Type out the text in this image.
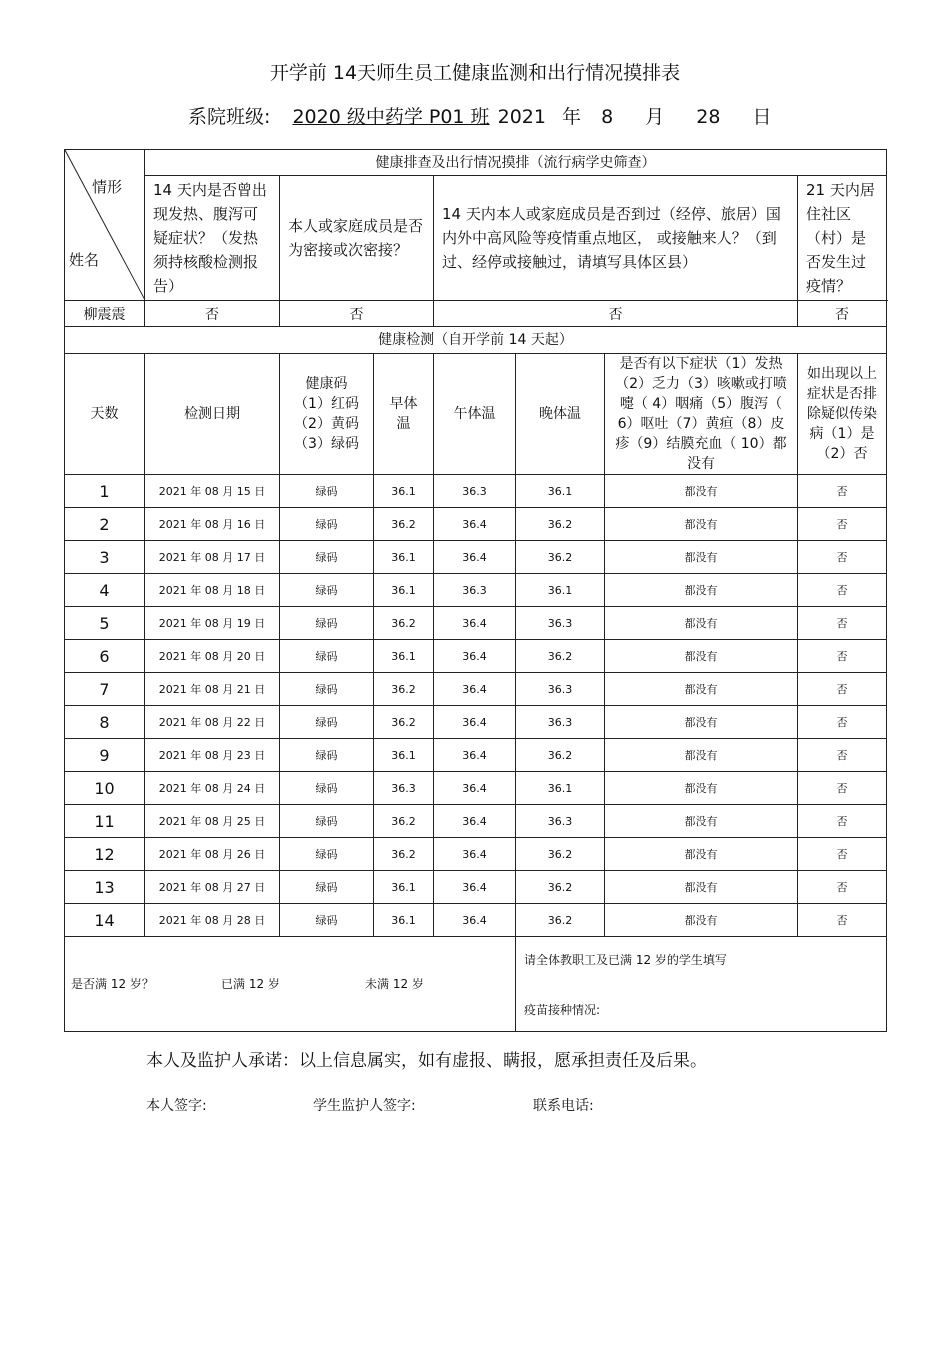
开学前 14天师生员工健康监测和出行情况摸排表
系院班级: 2020 级中药学 P01 班 2021 年 8 月 28 日
情形
姓名	健康排查及出行情况摸排（流行病学史筛查）						
	14 天内是否曾出现发热、腹泻可疑症状？（发热须持核酸检测报告）	本人或家庭成员是否为密接或次密接？		14 天内本人或家庭成员是否到过（经停、旅居）国内外中高风险等疫情重点地区， 或接触来人？（到过、经停或接触过，请填写具体区县）			21 天内居住社区（村）是否发生过疫情？
柳震震	否	否		否			否
健康检测（自开学前 14 天起）							
天数	检测日期	健康码（1）红码（2）黄码（3）绿码	早体温	午体温	晚体温	是否有以下症状（1）发热（2）乏力（3）咳嗽或打喷嚏（ 4）咽痛（5）腹泻（ 6）呕吐（7）黄疸（8）皮疹（9）结膜充血（ 10）都没有	如出现以上症状是否排除疑似传染病（1）是（2）否
1	2021 年 08 月 15 日	绿码	36.1	36.3	36.1	都没有	否
2	2021 年 08 月 16 日	绿码	36.2	36.4	36.2	都没有	否
3	2021 年 08 月 17 日	绿码	36.1	36.4	36.2	都没有	否
4	2021 年 08 月 18 日	绿码	36.1	36.3	36.1	都没有	否
5	2021 年 08 月 19 日	绿码	36.2	36.4	36.3	都没有	否
6	2021 年 08 月 20 日	绿码	36.1	36.4	36.2	都没有	否
7	2021 年 08 月 21 日	绿码	36.2	36.4	36.3	都没有	否
8	2021 年 08 月 22 日	绿码	36.2	36.4	36.3	都没有	否
9	2021 年 08 月 23 日	绿码	36.1	36.4	36.2	都没有	否
10	2021 年 08 月 24 日	绿码	36.3	36.4	36.1	都没有	否
11	2021 年 08 月 25 日	绿码	36.2	36.4	36.3	都没有	否
12	2021 年 08 月 26 日	绿码	36.2	36.4	36.2	都没有	否
13	2021 年 08 月 27 日	绿码	36.1	36.4	36.2	都没有	否
14	2021 年 08 月 28 日	绿码	36.1	36.4	36.2	都没有	否

是否满 12 岁？ 已满 12 岁 未满 12 岁					请全体教职工及已满 12 岁的学生填写
疫苗接种情况:		
本人及监护人承诺：以上信息属实，如有虚报、瞒报，愿承担责任及后果。
本人签字:	学生监护人签字:	联系电话:
